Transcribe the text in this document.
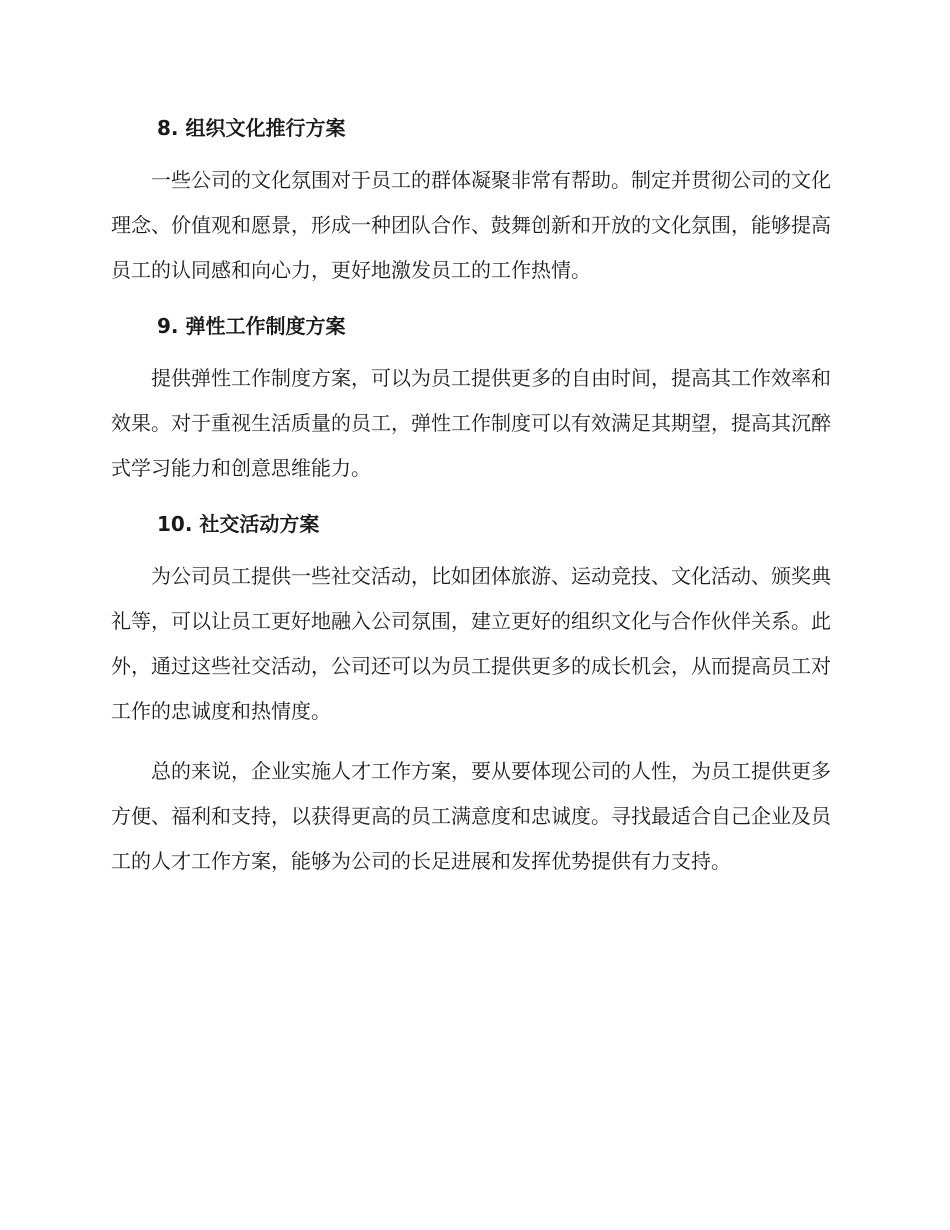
8. 组织文化推行方案

一些公司的文化氛围对于员工的群体凝聚非常有帮助。制定并贯彻公司的文化理念、价值观和愿景，形成一种团队合作、鼓舞创新和开放的文化氛围，能够提高员工的认同感和向心力，更好地激发员工的工作热情。

9. 弹性工作制度方案

提供弹性工作制度方案，可以为员工提供更多的自由时间，提高其工作效率和效果。对于重视生活质量的员工，弹性工作制度可以有效满足其期望，提高其沉醉式学习能力和创意思维能力。

10. 社交活动方案

为公司员工提供一些社交活动，比如团体旅游、运动竞技、文化活动、颁奖典礼等，可以让员工更好地融入公司氛围，建立更好的组织文化与合作伙伴关系。此外，通过这些社交活动，公司还可以为员工提供更多的成长机会，从而提高员工对工作的忠诚度和热情度。

总的来说，企业实施人才工作方案，要从要体现公司的人性，为员工提供更多方便、福利和支持，以获得更高的员工满意度和忠诚度。寻找最适合自己企业及员工的人才工作方案，能够为公司的长足进展和发挥优势提供有力支持。
